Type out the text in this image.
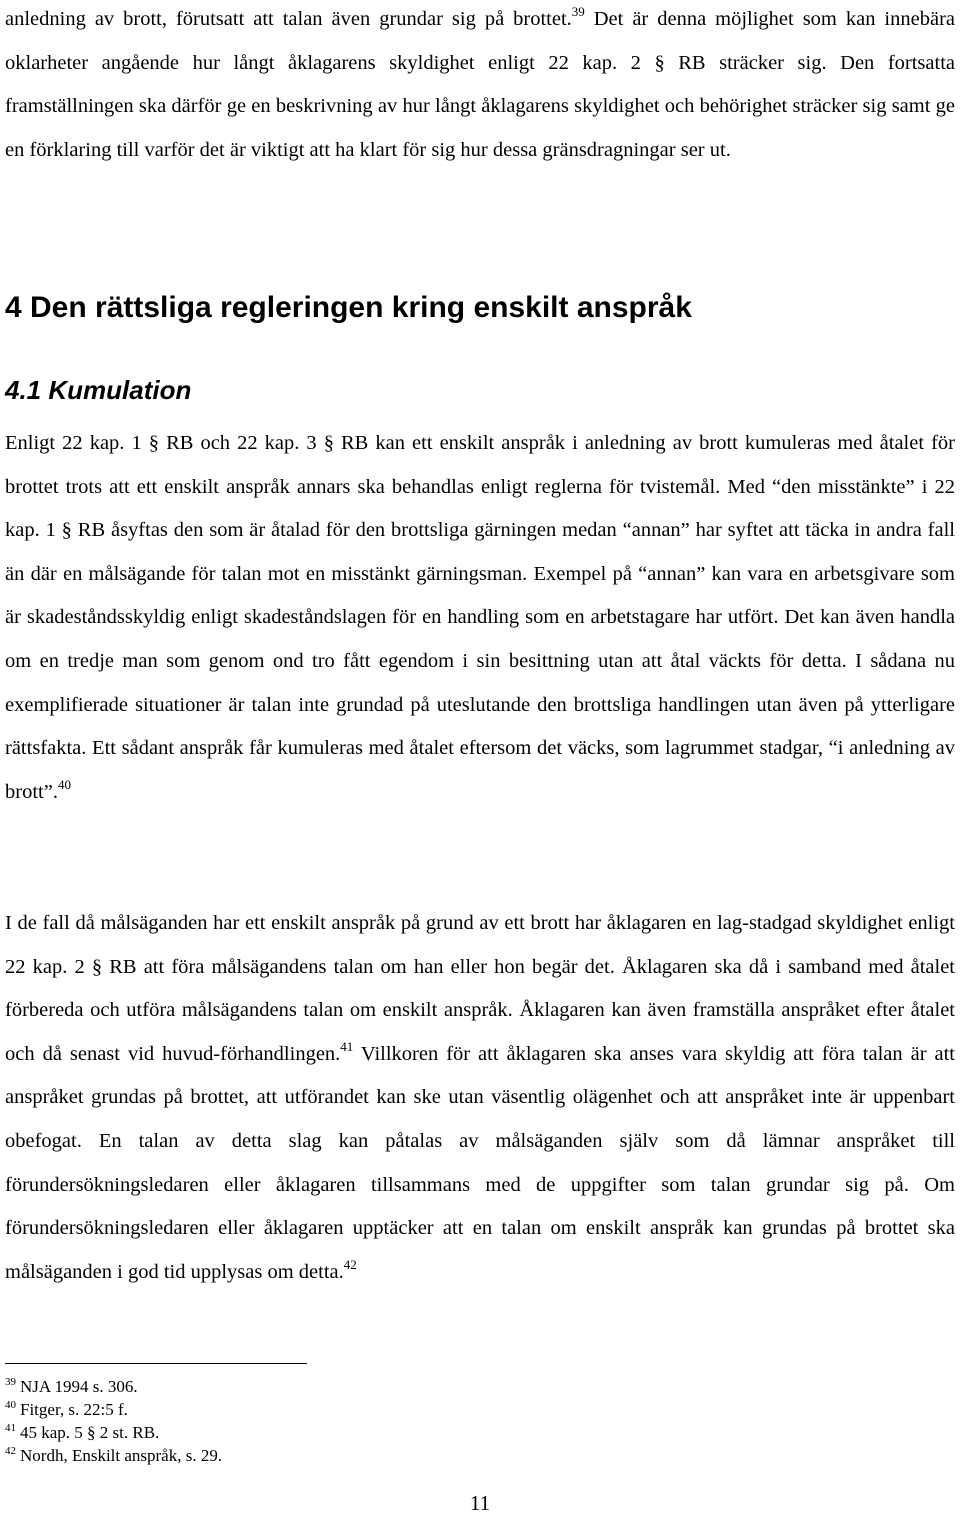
anledning av brott, förutsatt att talan även grundar sig på brottet.$^{39}$ Det är denna möjlighet som kan innebära oklarheter angående hur långt åklagarens skyldighet enligt 22 kap. 2 § RB sträcker sig. Den fortsatta framställningen ska därför ge en beskrivning av hur långt åklagarens skyldighet och behörighet sträcker sig samt ge en förklaring till varför det är viktigt att ha klart för sig hur dessa gränsdragningar ser ut.

4 Den rättsliga regleringen kring enskilt anspråk
4.1 Kumulation

Enligt 22 kap. 1 § RB och 22 kap. 3 § RB kan ett enskilt anspråk i anledning av brott kumuleras med åtalet för brottet trots att ett enskilt anspråk annars ska behandlas enligt reglerna för tvistemål. Med “den misstänkte” i 22 kap. 1 § RB åsyftas den som är åtalad för den brottsliga gärningen medan “annan” har syftet att täcka in andra fall än där en målsägande för talan mot en misstänkt gärningsman. Exempel på “annan” kan vara en arbetsgivare som är skadeståndsskyldig enligt skadeståndslagen för en handling som en arbetstagare har utfört. Det kan även handla om en tredje man som genom ond tro fått egendom i sin besittning utan att åtal väckts för detta. I sådana nu exemplifierade situationer är talan inte grundad på uteslutande den brottsliga handlingen utan även på ytterligare rättsfakta. Ett sådant anspråk får kumuleras med åtalet eftersom det väcks, som lagrummet stadgar, “i anledning av brott”.$^{40}$

I de fall då målsäganden har ett enskilt anspråk på grund av ett brott har åklagaren en lag-stadgad skyldighet enligt 22 kap. 2 § RB att föra målsägandens talan om han eller hon begär det. Åklagaren ska då i samband med åtalet förbereda och utföra målsägandens talan om enskilt anspråk. Åklagaren kan även framställa anspråket efter åtalet och då senast vid huvud-förhandlingen.$^{41}$ Villkoren för att åklagaren ska anses vara skyldig att föra talan är att anspråket grundas på brottet, att utförandet kan ske utan väsentlig olägenhet och att anspråket inte är uppenbart obefogat. En talan av detta slag kan påtalas av målsäganden själv som då lämnar anspråket till förundersökningsledaren eller åklagaren tillsammans med de uppgifter som talan grundar sig på. Om förundersökningsledaren eller åklagaren upptäcker att en talan om enskilt anspråk kan grundas på brottet ska målsäganden i god tid upplysas om detta.$^{42}$

$^{39}$ NJA 1994 s. 306.
$^{40}$ Fitger, s. 22:5 f.
$^{41}$ 45 kap. 5 § 2 st. RB.
$^{42}$ Nordh, Enskilt anspråk, s. 29.
11
